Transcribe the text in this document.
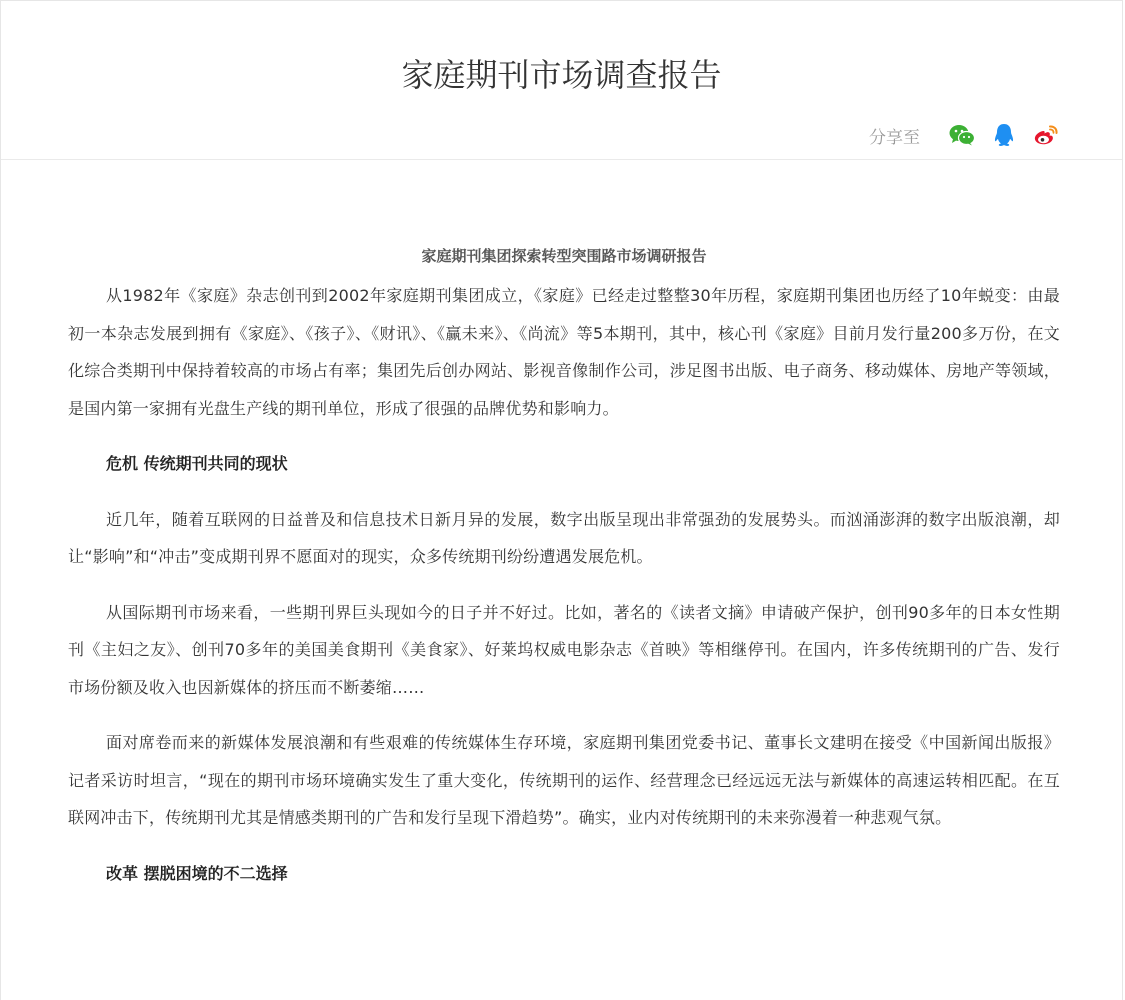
家庭期刊市场调查报告
分享至
家庭期刊集团探索转型突围路市场调研报告

从1982年《家庭》杂志创刊到2002年家庭期刊集团成立，《家庭》已经走过整整30年历程，家庭期刊集团也历经了10年蜕变：由最初一本杂志发展到拥有《家庭》、《孩子》、《财讯》、《赢未来》、《尚流》等5本期刊，其中，核心刊《家庭》目前月发行量200多万份，在文化综合类期刊中保持着较高的市场占有率；集团先后创办网站、影视音像制作公司，涉足图书出版、电子商务、移动媒体、房地产等领域，是国内第一家拥有光盘生产线的期刊单位，形成了很强的品牌优势和影响力。

危机 传统期刊共同的现状

近几年，随着互联网的日益普及和信息技术日新月异的发展，数字出版呈现出非常强劲的发展势头。而汹涌澎湃的数字出版浪潮，却让“影响”和“冲击”变成期刊界不愿面对的现实，众多传统期刊纷纷遭遇发展危机。

从国际期刊市场来看，一些期刊界巨头现如今的日子并不好过。比如，著名的《读者文摘》申请破产保护，创刊90多年的日本女性期刊《主妇之友》、创刊70多年的美国美食期刊《美食家》、好莱坞权威电影杂志《首映》等相继停刊。在国内，许多传统期刊的广告、发行市场份额及收入也因新媒体的挤压而不断萎缩……

面对席卷而来的新媒体发展浪潮和有些艰难的传统媒体生存环境，家庭期刊集团党委书记、董事长文建明在接受《中国新闻出版报》记者采访时坦言，“现在的期刊市场环境确实发生了重大变化，传统期刊的运作、经营理念已经远远无法与新媒体的高速运转相匹配。在互联网冲击下，传统期刊尤其是情感类期刊的广告和发行呈现下滑趋势”。确实，业内对传统期刊的未来弥漫着一种悲观气氛。

改革 摆脱困境的不二选择
